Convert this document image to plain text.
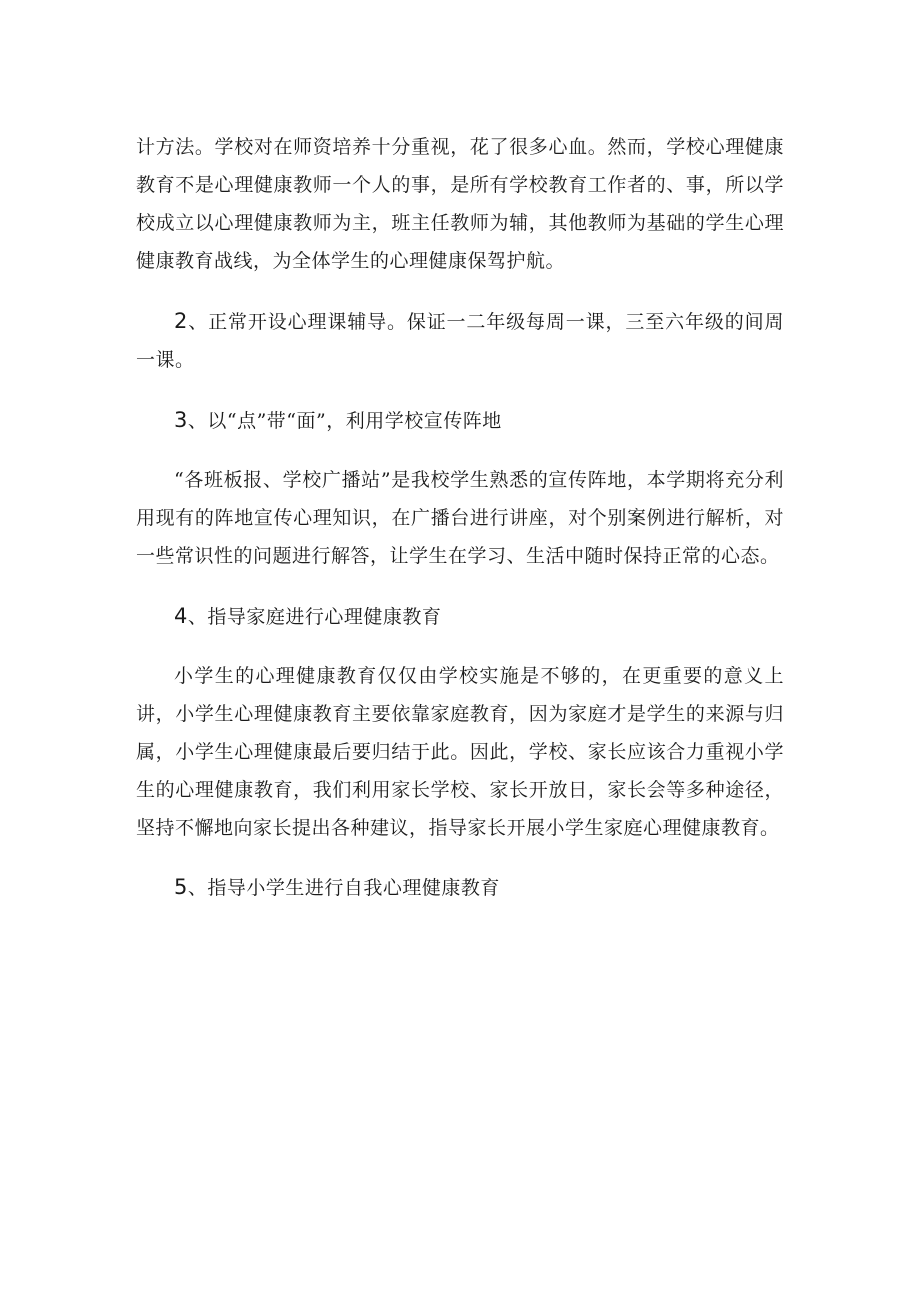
计方法。学校对在师资培养十分重视，花了很多心血。然而，学校心理健康教育不是心理健康教师一个人的事，是所有学校教育工作者的、事，所以学校成立以心理健康教师为主，班主任教师为辅，其他教师为基础的学生心理健康教育战线，为全体学生的心理健康保驾护航。

2、正常开设心理课辅导。保证一二年级每周一课，三至六年级的间周一课。

3、以“点”带“面”，利用学校宣传阵地

“各班板报、学校广播站”是我校学生熟悉的宣传阵地，本学期将充分利用现有的阵地宣传心理知识，在广播台进行讲座，对个别案例进行解析，对一些常识性的问题进行解答，让学生在学习、生活中随时保持正常的心态。

4、指导家庭进行心理健康教育

小学生的心理健康教育仅仅由学校实施是不够的，在更重要的意义上讲，小学生心理健康教育主要依靠家庭教育，因为家庭才是学生的来源与归属，小学生心理健康最后要归结于此。因此，学校、家长应该合力重视小学生的心理健康教育，我们利用家长学校、家长开放日，家长会等多种途径，坚持不懈地向家长提出各种建议，指导家长开展小学生家庭心理健康教育。

5、指导小学生进行自我心理健康教育
